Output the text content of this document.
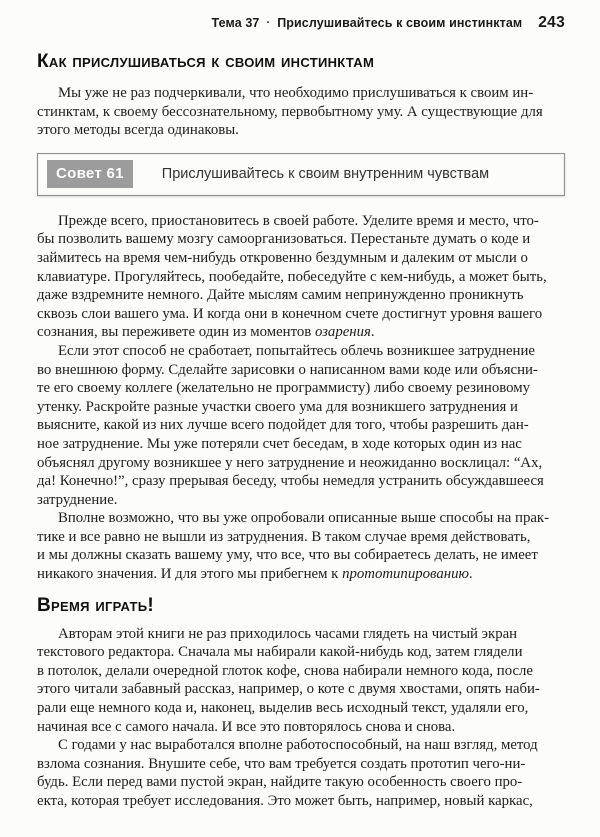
Тема 37 · Прислушивайтесь к своим инстинктам 243
Как прислушиваться к своим инстинктам
Мы уже не раз подчеркивали, что необходимо прислушиваться к своим ин-
стинктам, к своему бессознательному, первобытному уму. А существующие для
этого методы всегда одинаковы.
Совет 61	Прислушивайтесь к своим внутренним чувствам
Прежде всего, приостановитесь в своей работе. Уделите время и место, что-
бы позволить вашему мозгу самоорганизоваться. Перестаньте думать о коде и
займитесь на время чем-нибудь откровенно бездумным и далеким от мысли о
клавиатуре. Прогуляйтесь, пообедайте, побеседуйте с кем-нибудь, а может быть,
даже вздремните немного. Дайте мыслям самим непринужденно проникнуть
сквозь слои вашего ума. И когда они в конечном счете достигнут уровня вашего
сознания, вы переживете один из моментов озарения.
Если этот способ не сработает, попытайтесь облечь возникшее затруднение
во внешнюю форму. Сделайте зарисовки о написанном вами коде или объясни-
те его своему коллеге (желательно не программисту) либо своему резиновому
утенку. Раскройте разные участки своего ума для возникшего затруднения и
выясните, какой из них лучше всего подойдет для того, чтобы разрешить дан-
ное затруднение. Мы уже потеряли счет беседам, в ходе которых один из нас
объяснял другому возникшее у него затруднение и неожиданно восклицал: “Ах,
да! Конечно!”, сразу прерывая беседу, чтобы немедля устранить обсуждавшееся
затруднение.
Вполне возможно, что вы уже опробовали описанные выше способы на прак-
тике и все равно не вышли из затруднения. В таком случае время действовать,
и мы должны сказать вашему уму, что все, что вы собираетесь делать, не имеет
никакого значения. И для этого мы прибегнем к прототипированию.
Время играть!
Авторам этой книги не раз приходилось часами глядеть на чистый экран
текстового редактора. Сначала мы набирали какой-нибудь код, затем глядели
в потолок, делали очередной глоток кофе, снова набирали немного кода, после
этого читали забавный рассказ, например, о коте с двумя хвостами, опять наби-
рали еще немного кода и, наконец, выделив весь исходный текст, удаляли его,
начиная все с самого начала. И все это повторялось снова и снова.
С годами у нас выработался вполне работоспособный, на наш взгляд, метод
взлома сознания. Внушите себе, что вам требуется создать прототип чего-ни-
будь. Если перед вами пустой экран, найдите такую особенность своего про-
екта, которая требует исследования. Это может быть, например, новый каркас,
